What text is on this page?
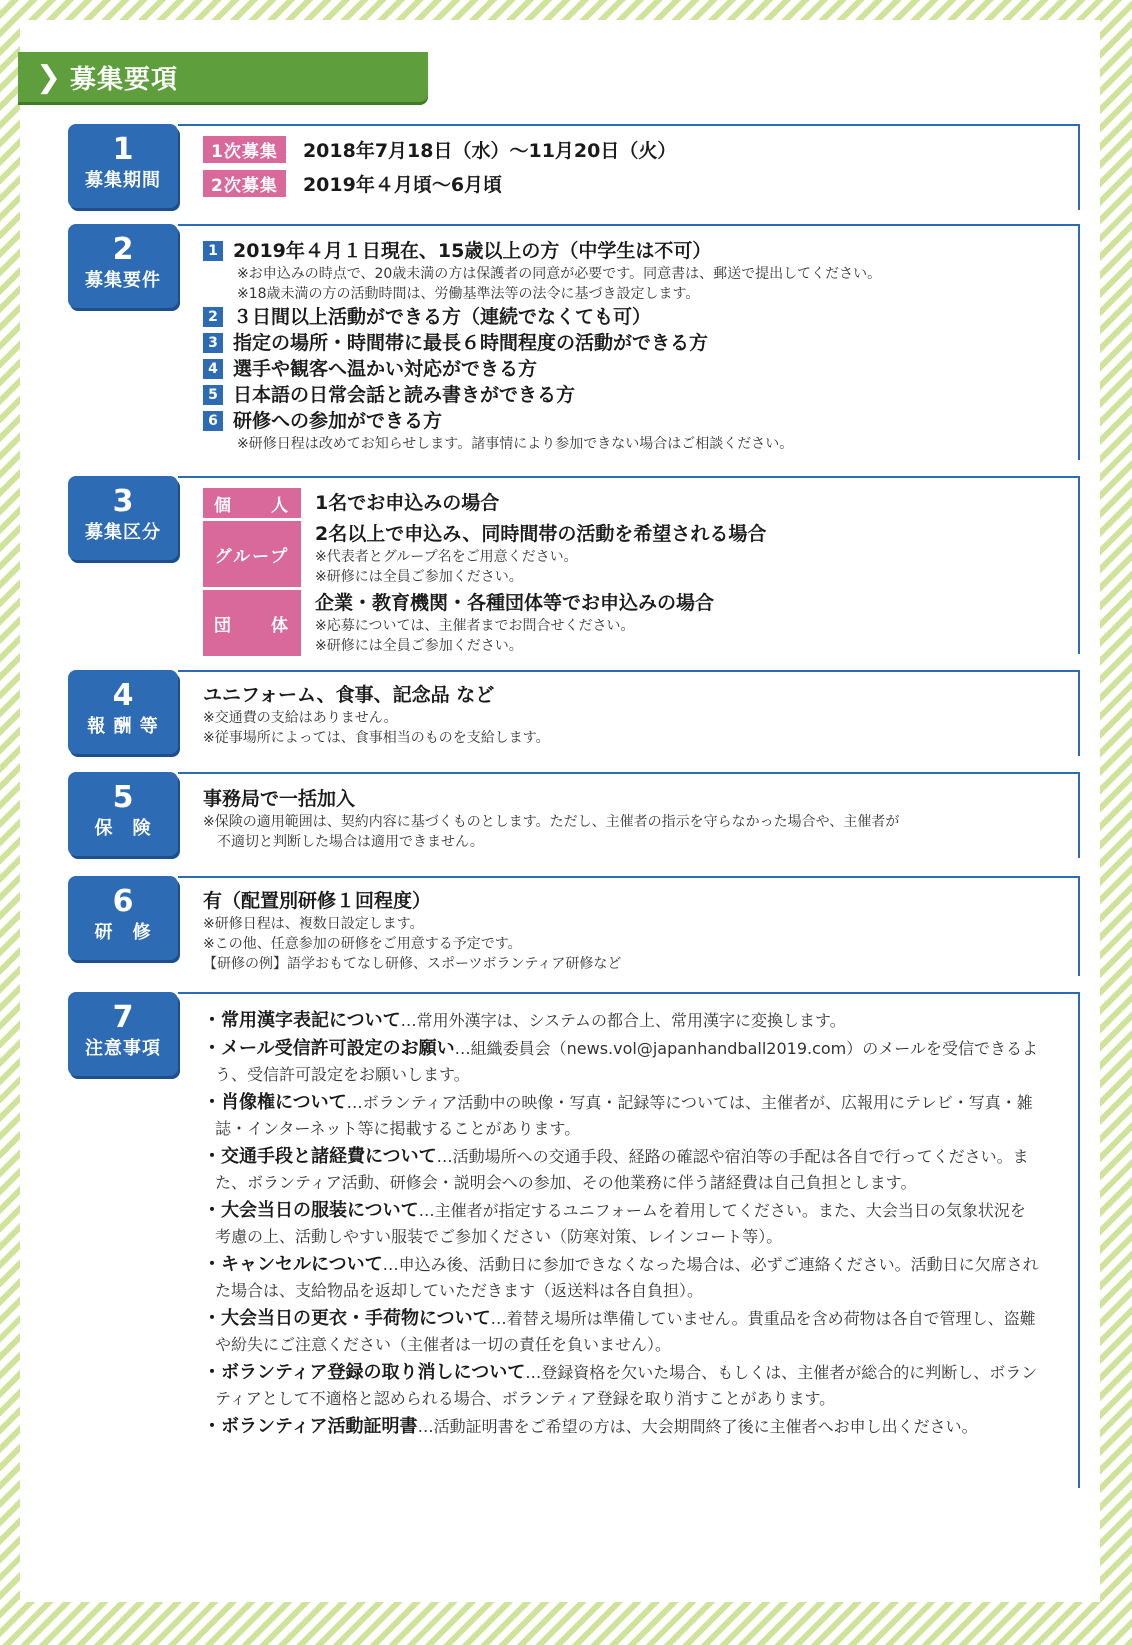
❯ 募集要項
1
募集期間
1次募集 2018年7月18日（水）～11月20日（火）
2次募集 2019年４月頃～6月頃
2
募集要件
1 2019年４月１日現在、15歳以上の方（中学生は不可）
※お申込みの時点で、20歳未満の方は保護者の同意が必要です。同意書は、郵送で提出してください。
※18歳未満の方の活動時間は、労働基準法等の法令に基づき設定します。
2 ３日間以上活動ができる方（連続でなくても可）
3 指定の場所・時間帯に最長６時間程度の活動ができる方
4 選手や観客へ温かい対応ができる方
5 日本語の日常会話と読み書きができる方
6 研修への参加ができる方
※研修日程は改めてお知らせします。諸事情により参加できない場合はご相談ください。
3
募集区分
個　　人	1名でお申込みの場合
グループ
2名以上で申込み、同時間帯の活動を希望される場合
※代表者とグループ名をご用意ください。
※研修には全員ご参加ください。
団　　体
企業・教育機関・各種団体等でお申込みの場合
※応募については、主催者までお問合せください。
※研修には全員ご参加ください。
4
報 酬 等
ユニフォーム、食事、記念品 など
※交通費の支給はありません。
※従事場所によっては、食事相当のものを支給します。
5
保　険
事務局で一括加入
※保険の適用範囲は、契約内容に基づくものとします。ただし、主催者の指示を守らなかった場合や、主催者が
　不適切と判断した場合は適用できません。
6
研　修
有（配置別研修１回程度）
※研修日程は、複数日設定します。
※この他、任意参加の研修をご用意する予定です。
【研修の例】語学おもてなし研修、スポーツボランティア研修など
7
注意事項
・常用漢字表記について…常用外漢字は、システムの都合上、常用漢字に変換します。
・メール受信許可設定のお願い…組織委員会（news.vol@japanhandball2019.com）のメールを受信できるよう、受信許可設定をお願いします。
・肖像権について…ボランティア活動中の映像・写真・記録等については、主催者が、広報用にテレビ・写真・雑誌・インターネット等に掲載することがあります。
・交通手段と諸経費について…活動場所への交通手段、経路の確認や宿泊等の手配は各自で行ってください。また、ボランティア活動、研修会・説明会への参加、その他業務に伴う諸経費は自己負担とします。
・大会当日の服装について…主催者が指定するユニフォームを着用してください。また、大会当日の気象状況を考慮の上、活動しやすい服装でご参加ください（防寒対策、レインコート等）。
・キャンセルについて…申込み後、活動日に参加できなくなった場合は、必ずご連絡ください。活動日に欠席された場合は、支給物品を返却していただきます（返送料は各自負担）。
・大会当日の更衣・手荷物について…着替え場所は準備していません。貴重品を含め荷物は各自で管理し、盗難や紛失にご注意ください（主催者は一切の責任を負いません）。
・ボランティア登録の取り消しについて…登録資格を欠いた場合、もしくは、主催者が総合的に判断し、ボランティアとして不適格と認められる場合、ボランティア登録を取り消すことがあります。
・ボランティア活動証明書…活動証明書をご希望の方は、大会期間終了後に主催者へお申し出ください。
